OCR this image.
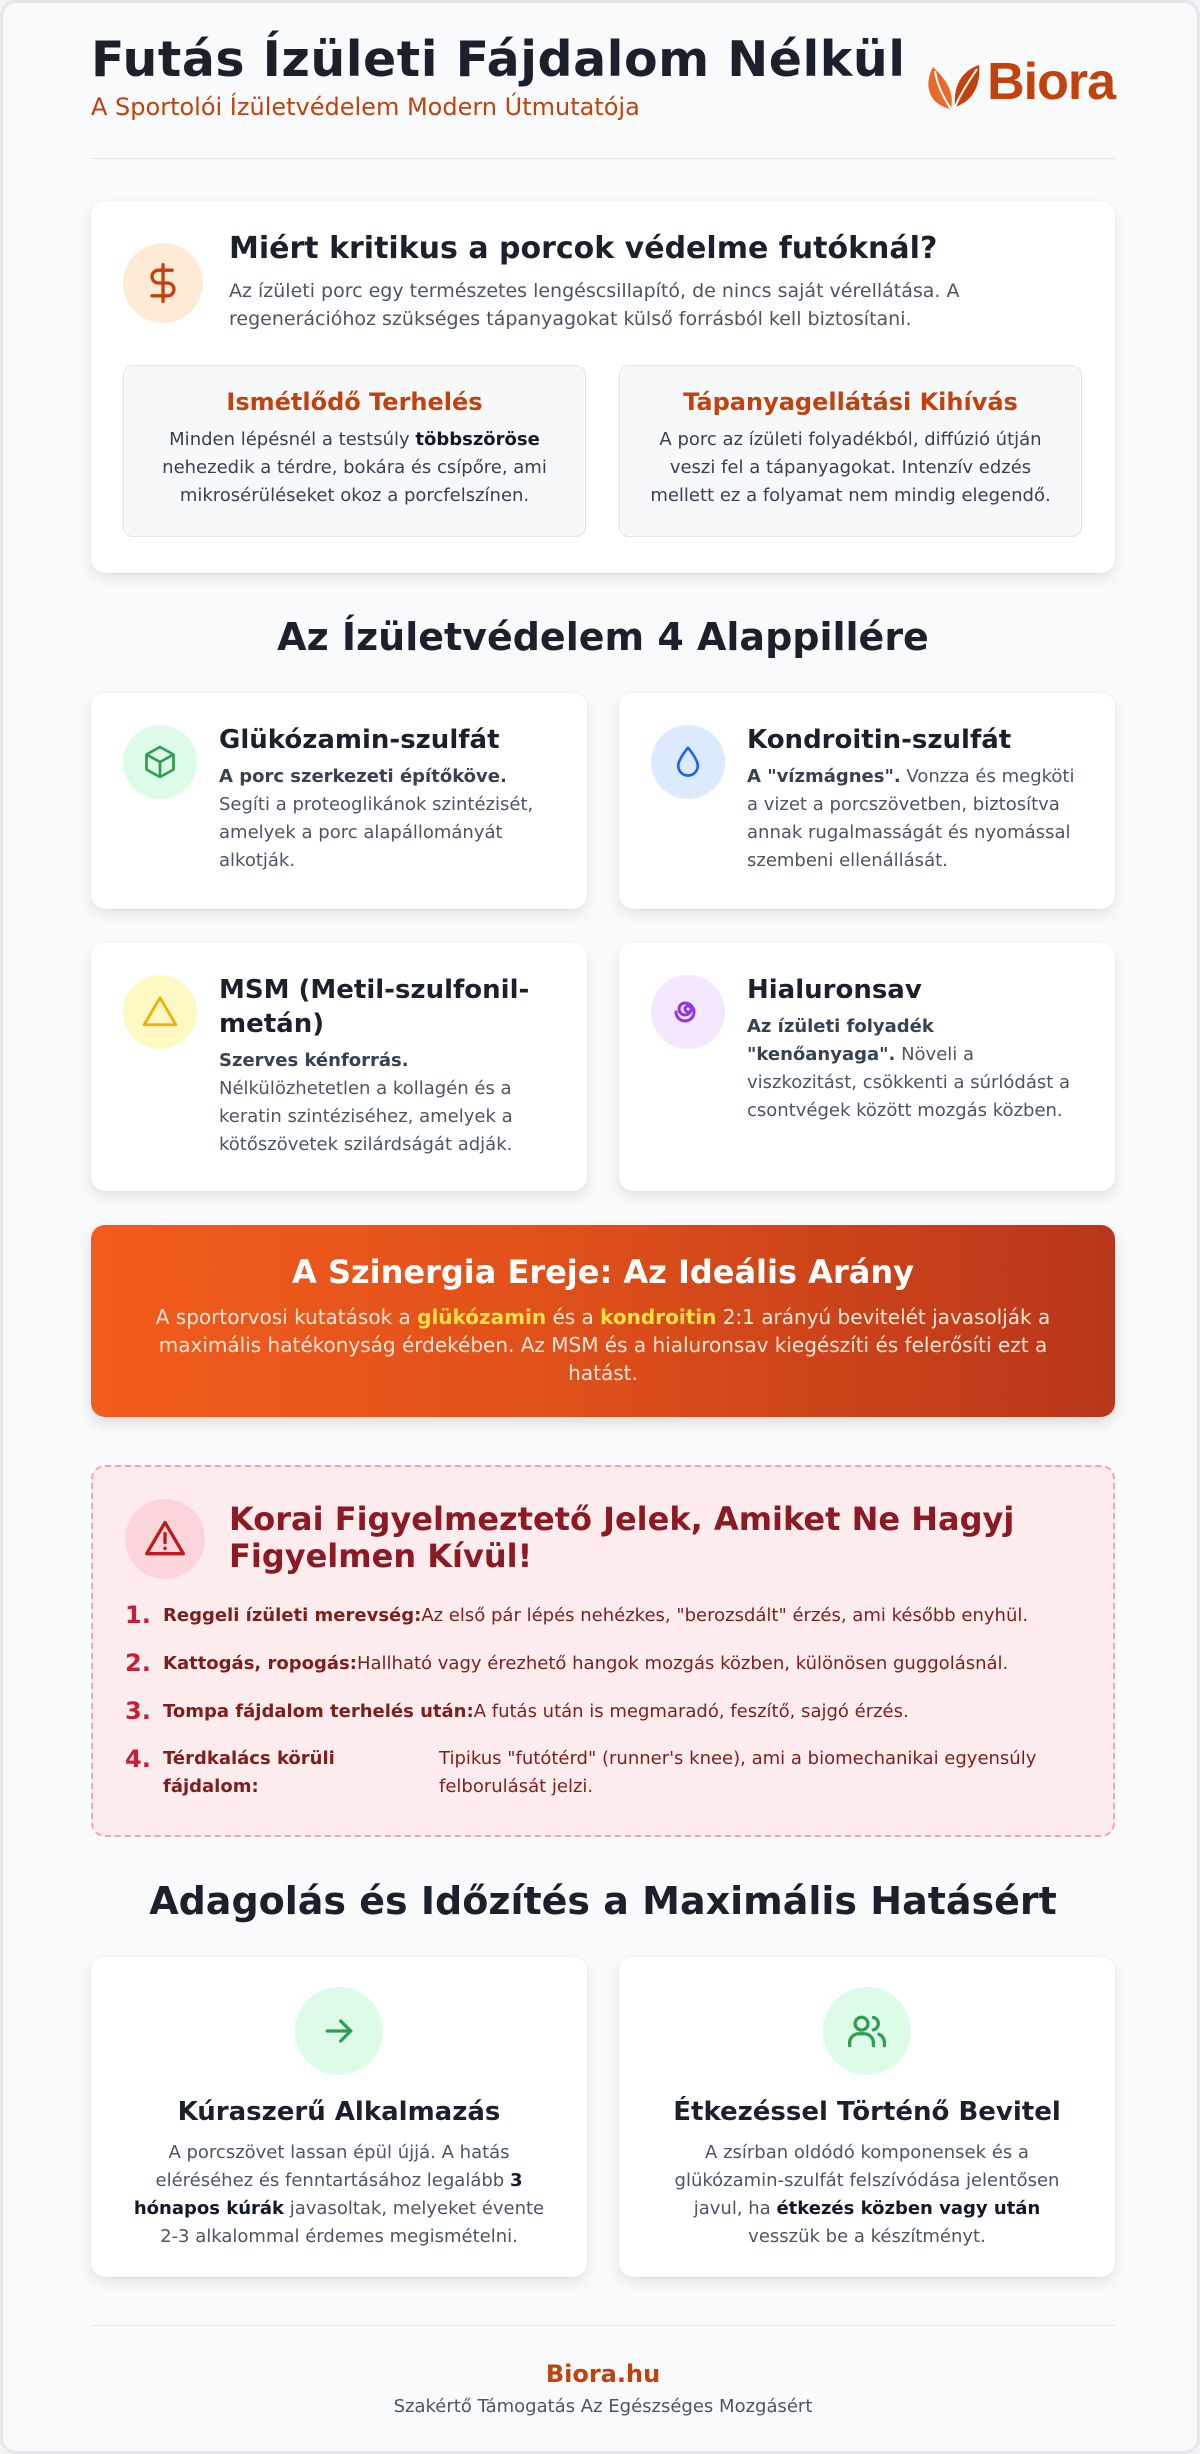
Futás Ízületi Fájdalom Nélkül
A Sportolói Ízületvédelem Modern Útmutatója	Biora
Miért kritikus a porcok védelme futóknál?

Az ízületi porc egy természetes lengéscsillapító, de nincs saját vérellátása. A regenerációhoz szükséges tápanyagokat külső forrásból kell biztosítani.

Ismétlődő Terhelés
Minden lépésnél a testsúly többszöröse nehezedik a térdre, bokára és csípőre, ami mikrosérüléseket okoz a porcfelszínen.
Tápanyagellátási Kihívás
A porc az ízületi folyadékból, diffúzió útján veszi fel a tápanyagokat. Intenzív edzés mellett ez a folyamat nem mindig elegendő.
Az Ízületvédelem 4 Alappillére
Glükózamin-szulfát
A porc szerkezeti építőköve. Segíti a proteoglikánok szintézisét, amelyek a porc alapállományát alkotják.
Kondroitin-szulfát
A "vízmágnes". Vonzza és megköti a vizet a porcszövetben, biztosítva annak rugalmasságát és nyomással szembeni ellenállását.
MSM (Metil-szulfonil-metán)
Szerves kénforrás. Nélkülözhetetlen a kollagén és a keratin szintéziséhez, amelyek a kötőszövetek szilárdságát adják.
Hialuronsav
Az ízületi folyadék "kenőanyaga". Növeli a viszkozitást, csökkenti a súrlódást a csontvégek között mozgás közben.
A Szinergia Ereje: Az Ideális Arány
A sportorvosi kutatások a glükózamin és a kondroitin 2:1 arányú bevitelét javasolják a maximális hatékonyság érdekében. Az MSM és a hialuronsav kiegészíti és felerősíti ezt a hatást.
Korai Figyelmeztető Jelek, Amiket Ne Hagyj Figyelmen Kívül!
1. Reggeli ízületi merevség:Az első pár lépés nehézkes, "berozsdált" érzés, ami később enyhül.
2. Kattogás, ropogás:Hallható vagy érezhető hangok mozgás közben, különösen guggolásnál.
3. Tompa fájdalom terhelés után:A futás után is megmaradó, feszítő, sajgó érzés.
4. Térdkalács körüli fájdalom:
Tipikus "futótérd" (runner's knee), ami a biomechanikai egyensúly felborulását jelzi.
Adagolás és Időzítés a Maximális Hatásért
Kúraszerű Alkalmazás
A porcszövet lassan épül újjá. A hatás eléréséhez és fenntartásához legalább 3 hónapos kúrák javasoltak, melyeket évente 2-3 alkalommal érdemes megismételni.
Étkezéssel Történő Bevitel
A zsírban oldódó komponensek és a glükózamin-szulfát felszívódása jelentősen javul, ha étkezés közben vagy után vesszük be a készítményt.
Biora.hu
Szakértő Támogatás Az Egészséges Mozgásért
